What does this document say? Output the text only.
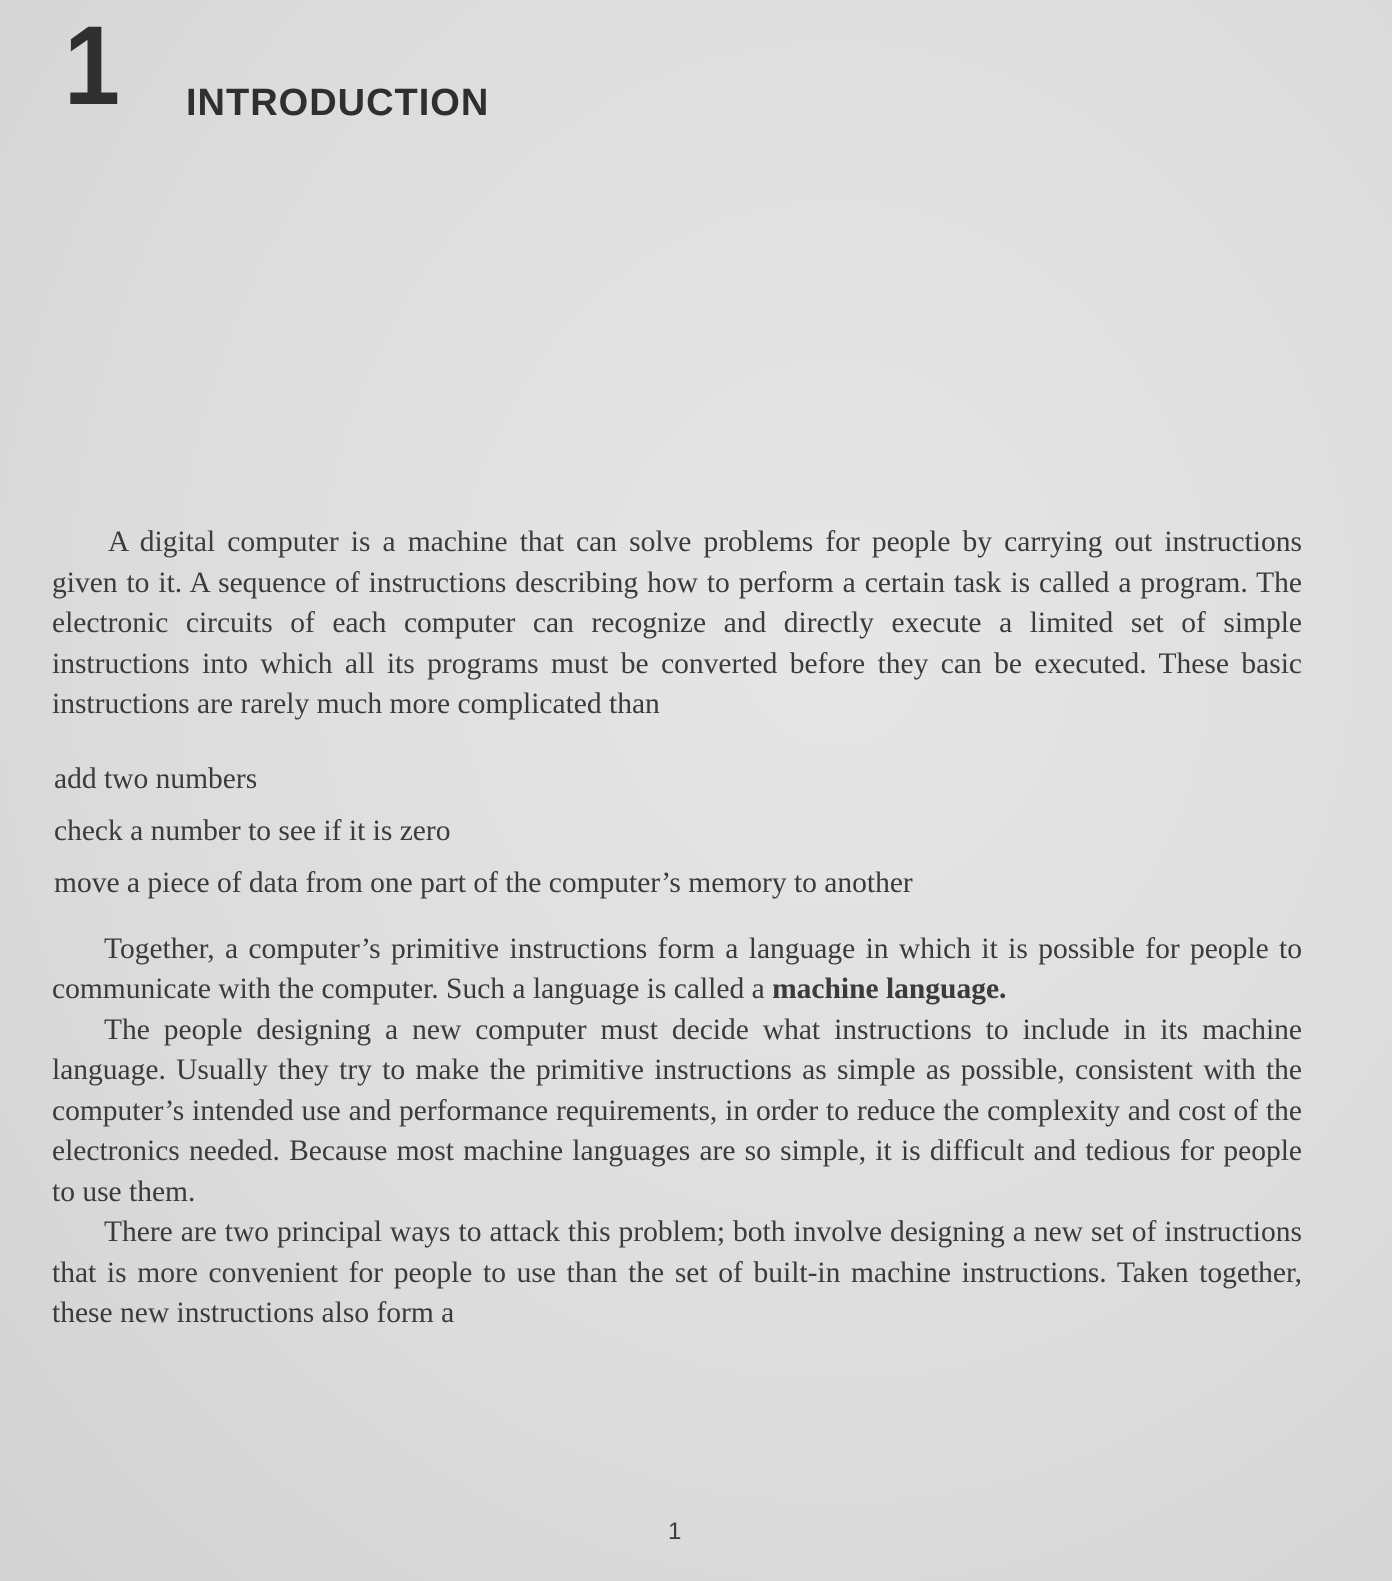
1 INTRODUCTION

A digital computer is a machine that can solve problems for people by carrying out instructions given to it. A sequence of instructions describing how to perform a certain task is called a program. The electronic circuits of each computer can recognize and directly execute a limited set of simple instructions into which all its programs must be converted before they can be executed. These basic instructions are rarely much more complicated than

add two numbers
check a number to see if it is zero
move a piece of data from one part of the computer’s memory to another

Together, a computer’s primitive instructions form a language in which it is possible for people to communicate with the computer. Such a language is called a machine language.

The people designing a new computer must decide what instructions to include in its machine language. Usually they try to make the primitive instructions as simple as possible, consistent with the computer’s intended use and performance requirements, in order to reduce the complexity and cost of the electronics needed. Because most machine languages are so simple, it is difficult and tedious for people to use them.

There are two principal ways to attack this problem; both involve designing a new set of instructions that is more convenient for people to use than the set of built-in machine instructions. Taken together, these new instructions also form a

1
